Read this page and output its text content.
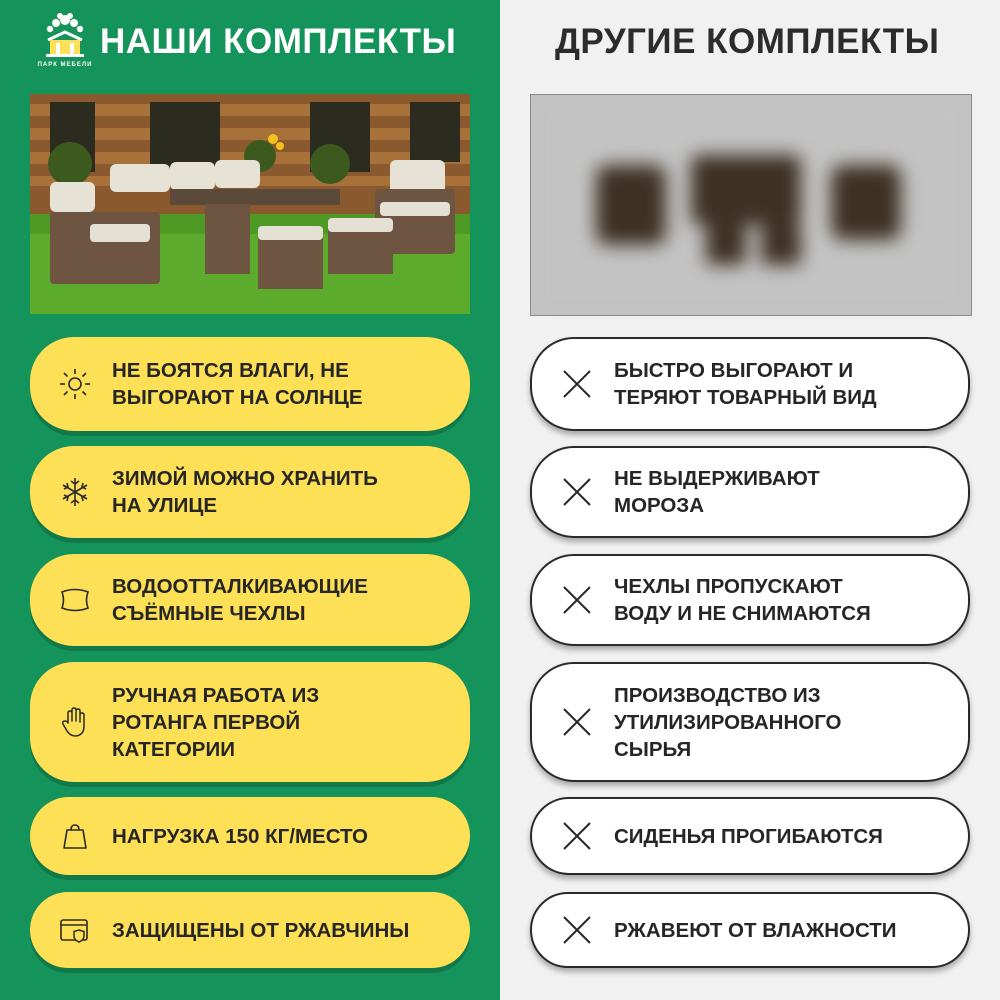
ПАРК МЕБЕЛИ
НАШИ КОМПЛЕКТЫ	ДРУГИЕ КОМПЛЕКТЫ
НЕ БОЯТСЯ ВЛАГИ, НЕ
ВЫГОРАЮТ НА СОЛНЦЕ
ЗИМОЙ МОЖНО ХРАНИТЬ
НА УЛИЦЕ
ВОДООТТАЛКИВАЮЩИЕ
СЪЁМНЫЕ ЧЕХЛЫ
РУЧНАЯ РАБОТА ИЗ
РОТАНГА ПЕРВОЙ
КАТЕГОРИИ
НАГРУЗКА 150 КГ/МЕСТО
ЗАЩИЩЕНЫ ОТ РЖАВЧИНЫ
БЫСТРО ВЫГОРАЮТ И
ТЕРЯЮТ ТОВАРНЫЙ ВИД
НЕ ВЫДЕРЖИВАЮТ
МОРОЗА
ЧЕХЛЫ ПРОПУСКАЮТ
ВОДУ И НЕ СНИМАЮТСЯ
ПРОИЗВОДСТВО ИЗ
УТИЛИЗИРОВАННОГО
СЫРЬЯ
СИДЕНЬЯ ПРОГИБАЮТСЯ
РЖАВЕЮТ ОТ ВЛАЖНОСТИ
